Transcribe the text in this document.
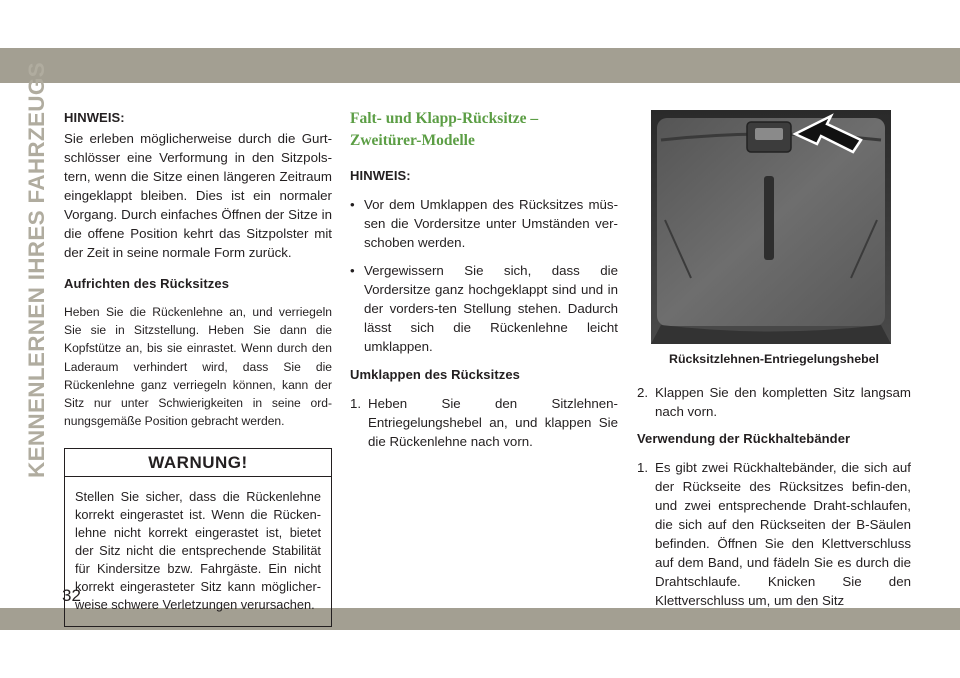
KENNENLERNEN IHRES FAHRZEUGS
32
HINWEIS:

Sie erleben möglicherweise durch die Gurt-schlösser eine Verformung in den Sitzpols-tern, wenn die Sitze einen längeren Zeitraum eingeklappt bleiben. Dies ist ein normaler Vorgang. Durch einfaches Öffnen der Sitze in die offene Position kehrt das Sitzpolster mit der Zeit in seine normale Form zurück.

Aufrichten des Rücksitzes

Heben Sie die Rückenlehne an, und verriegeln Sie sie in Sitzstellung. Heben Sie dann die Kopfstütze an, bis sie einrastet. Wenn durch den Laderaum verhindert wird, dass Sie die Rückenlehne ganz verriegeln können, kann der Sitz nur unter Schwierigkeiten in seine ord-nungsgemäße Position gebracht werden.

WARNUNG!
Stellen Sie sicher, dass die Rückenlehne korrekt eingerastet ist. Wenn die Rücken-lehne nicht korrekt eingerastet ist, bietet der Sitz nicht die entsprechende Stabilität für Kindersitze bzw. Fahrgäste. Ein nicht korrekt eingerasteter Sitz kann möglicher-weise schwere Verletzungen verursachen.
Falt- und Klapp-Rücksitze –
Zweitürer-Modelle
HINWEIS:
• Vor dem Umklappen des Rücksitzes müs-sen die Vordersitze unter Umständen ver-schoben werden.
• Vergewissern Sie sich, dass die Vordersitze ganz hochgeklappt sind und in der vorders-ten Stellung stehen. Dadurch lässt sich die Rückenlehne leicht umklappen.
Umklappen des Rücksitzes
1. Heben Sie den Sitzlehnen-Entriegelungshebel an, und klappen Sie die Rückenlehne nach vorn.
Rücksitzlehnen-Entriegelungshebel
2. Klappen Sie den kompletten Sitz langsam nach vorn.
Verwendung der Rückhaltebänder
1. Es gibt zwei Rückhaltebänder, die sich auf der Rückseite des Rücksitzes befin-den, und zwei entsprechende Draht-schlaufen, die sich auf den Rückseiten der B-Säulen befinden. Öffnen Sie den Klettverschluss auf dem Band, und fädeln Sie es durch die Drahtschlaufe. Knicken Sie den Klettverschluss um, um den Sitz
